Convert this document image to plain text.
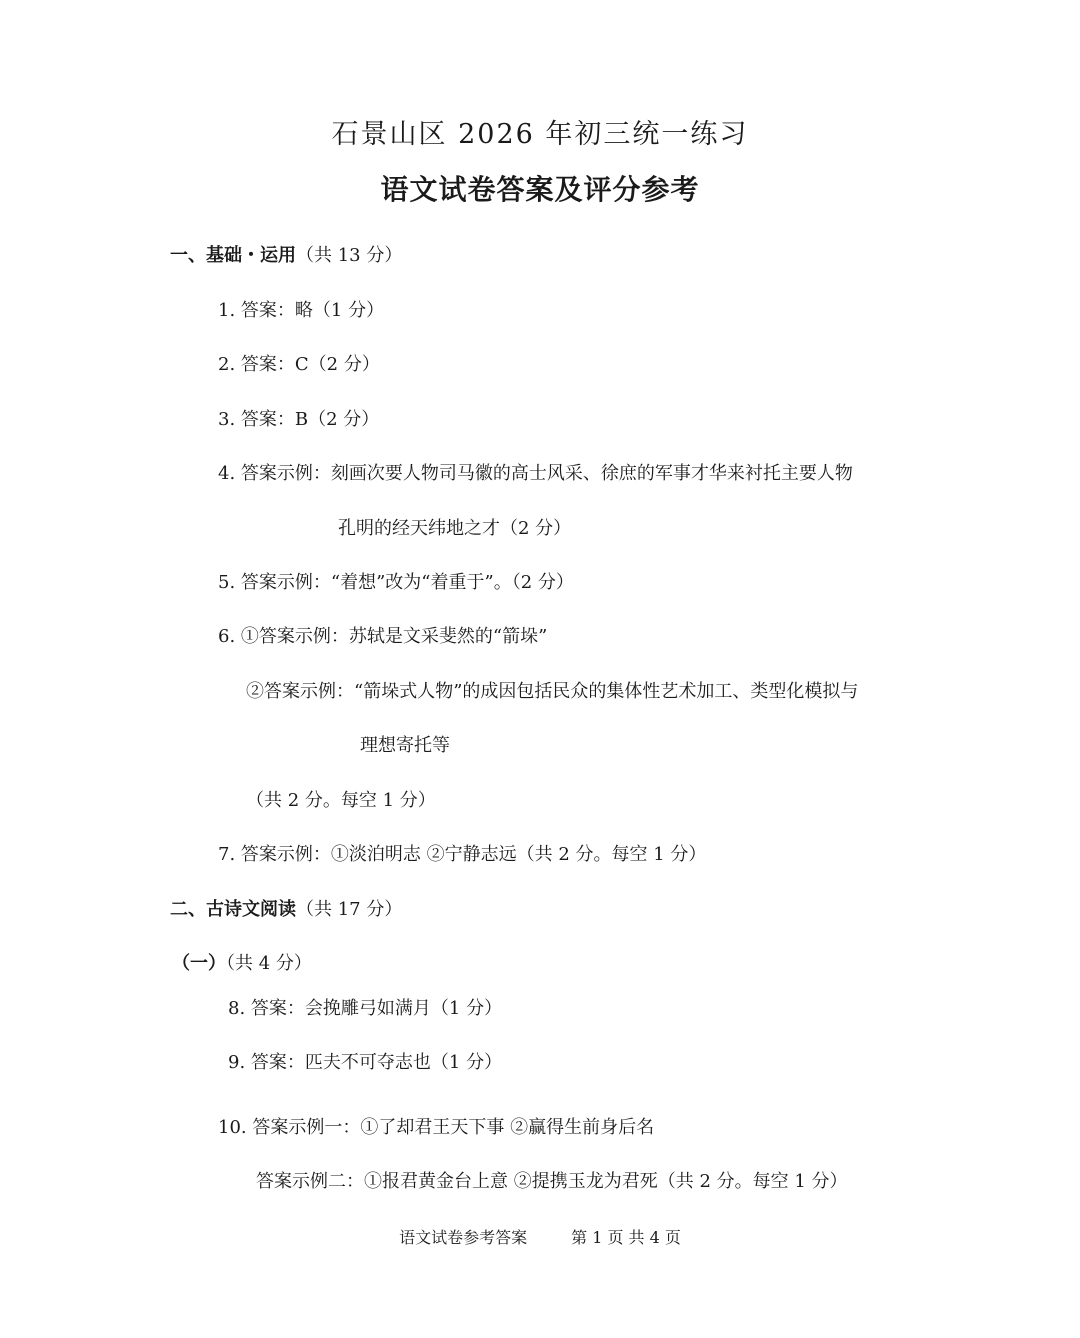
石景山区 2026 年初三统一练习
语文试卷答案及评分参考
一、基础・运用（共 13 分）
1. 答案：略（1 分）
2. 答案：C（2 分）
3. 答案：B（2 分）
4. 答案示例：刻画次要人物司马徽的高士风采、徐庶的军事才华来衬托主要人物
孔明的经天纬地之才（2 分）
5. 答案示例：“着想”改为“着重于”。（2 分）
6. ①答案示例：苏轼是文采斐然的“箭垛”
②答案示例：“箭垛式人物”的成因包括民众的集体性艺术加工、类型化模拟与
理想寄托等
（共 2 分。每空 1 分）
7. 答案示例：①淡泊明志 ②宁静志远（共 2 分。每空 1 分）
二、古诗文阅读（共 17 分）
（一）（共 4 分）
8. 答案：会挽雕弓如满月（1 分）
9. 答案：匹夫不可夺志也（1 分）
10. 答案示例一：①了却君王天下事 ②赢得生前身后名
答案示例二：①报君黄金台上意 ②提携玉龙为君死（共 2 分。每空 1 分）
语文试卷参考答案	第 1 页 共 4 页
